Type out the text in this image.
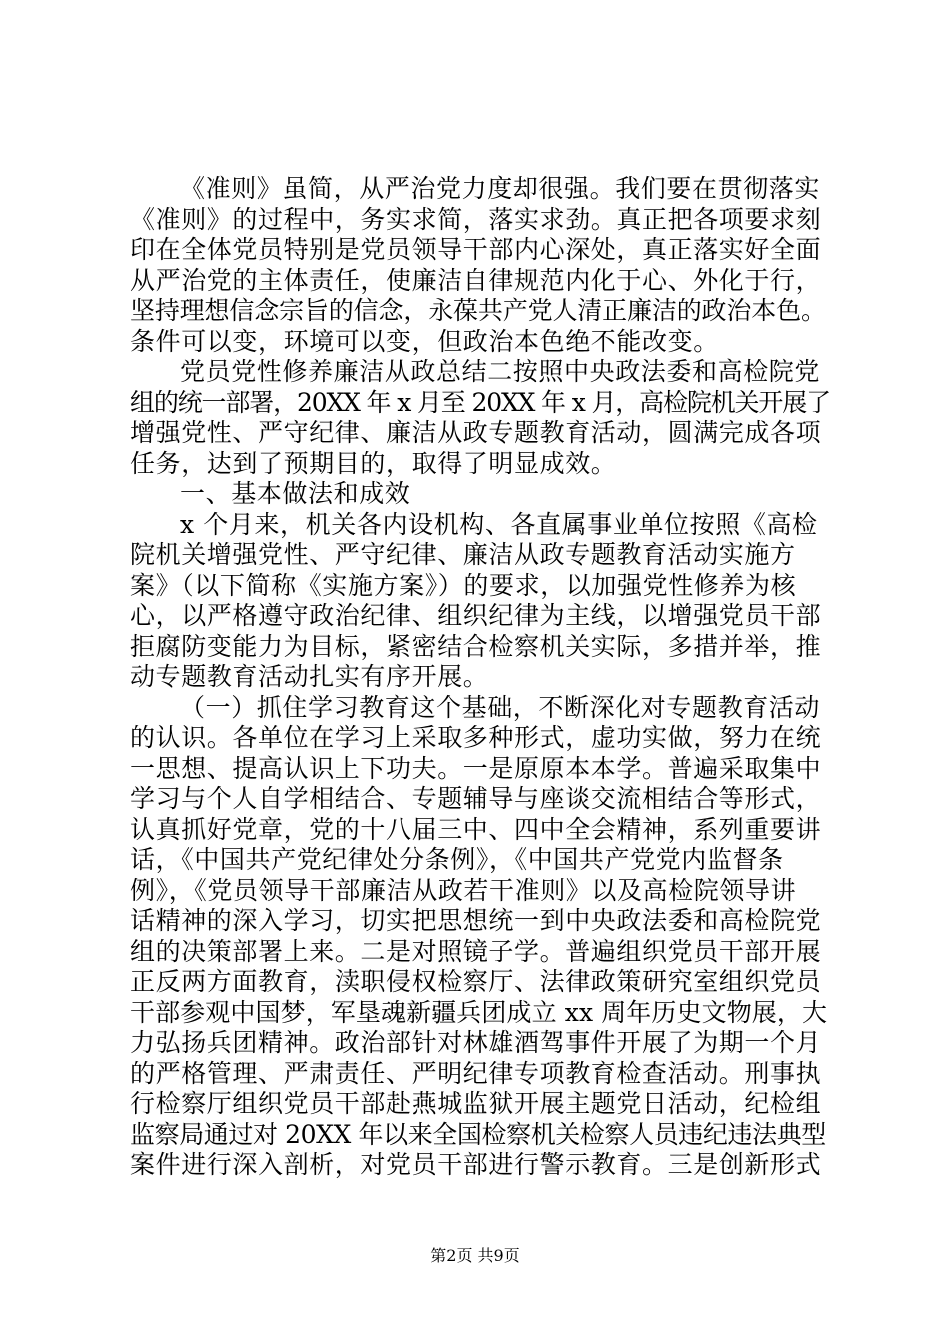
《准则》虽简，从严治党力度却很强。我们要在贯彻落实
《准则》的过程中，务实求简，落实求劲。真正把各项要求刻
印在全体党员特别是党员领导干部内心深处，真正落实好全面
从严治党的主体责任，使廉洁自律规范内化于心、外化于行，
坚持理想信念宗旨的信念，永葆共产党人清正廉洁的政治本色。
条件可以变，环境可以变，但政治本色绝不能改变。
党员党性修养廉洁从政总结二按照中央政法委和高检院党
组的统一部署，20XX 年 x 月至 20XX 年 x 月，高检院机关开展了
增强党性、严守纪律、廉洁从政专题教育活动，圆满完成各项
任务，达到了预期目的，取得了明显成效。
一、基本做法和成效
x 个月来，机关各内设机构、各直属事业单位按照《高检
院机关增强党性、严守纪律、廉洁从政专题教育活动实施方
案》（以下简称《实施方案》）的要求，以加强党性修养为核
心，以严格遵守政治纪律、组织纪律为主线，以增强党员干部
拒腐防变能力为目标，紧密结合检察机关实际，多措并举，推
动专题教育活动扎实有序开展。
（一）抓住学习教育这个基础，不断深化对专题教育活动
的认识。各单位在学习上采取多种形式，虚功实做，努力在统
一思想、提高认识上下功夫。一是原原本本学。普遍采取集中
学习与个人自学相结合、专题辅导与座谈交流相结合等形式，
认真抓好党章，党的十八届三中、四中全会精神，系列重要讲
话，《中国共产党纪律处分条例》，《中国共产党党内监督条
例》，《党员领导干部廉洁从政若干准则》以及高检院领导讲
话精神的深入学习，切实把思想统一到中央政法委和高检院党
组的决策部署上来。二是对照镜子学。普遍组织党员干部开展
正反两方面教育，渎职侵权检察厅、法律政策研究室组织党员
干部参观中国梦，军垦魂新疆兵团成立 xx 周年历史文物展，大
力弘扬兵团精神。政治部针对林雄酒驾事件开展了为期一个月
的严格管理、严肃责任、严明纪律专项教育检查活动。刑事执
行检察厅组织党员干部赴燕城监狱开展主题党日活动，纪检组
监察局通过对 20XX 年以来全国检察机关检察人员违纪违法典型
案件进行深入剖析，对党员干部进行警示教育。三是创新形式
第2页 共9页
